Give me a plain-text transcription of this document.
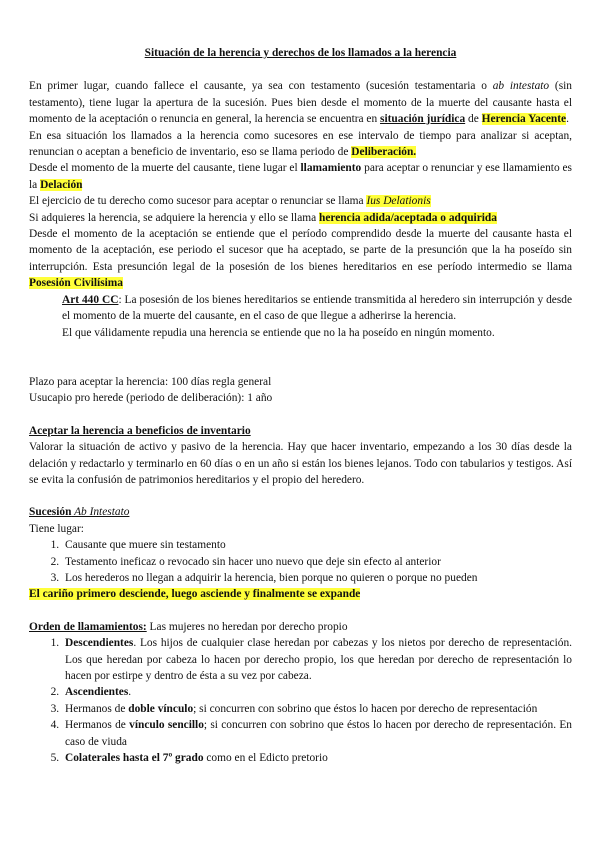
Situación de la herencia y derechos de los llamados a la herencia

En primer lugar, cuando fallece el causante, ya sea con testamento (sucesión testamentaria o ab intestato (sin testamento), tiene lugar la apertura de la sucesión. Pues bien desde el momento de la muerte del causante hasta el momento de la aceptación o renuncia en general, la herencia se encuentra en situación jurídica de Herencia Yacente.

En esa situación los llamados a la herencia como sucesores en ese intervalo de tiempo para analizar si aceptan, renuncian o aceptan a beneficio de inventario, eso se llama periodo de Deliberación.

Desde el momento de la muerte del causante, tiene lugar el llamamiento para aceptar o renunciar y ese llamamiento es la Delación

El ejercicio de tu derecho como sucesor para aceptar o renunciar se llama Ius Delationis

Si adquieres la herencia, se adquiere la herencia y ello se llama herencia adida/aceptada o adquirida

Desde el momento de la aceptación se entiende que el período comprendido desde la muerte del causante hasta el momento de la aceptación, ese periodo el sucesor que ha aceptado, se parte de la presunción que la ha poseído sin interrupción. Esta presunción legal de la posesión de los bienes hereditarios en ese período intermedio se llama Posesión Civilísima

Art 440 CC: La posesión de los bienes hereditarios se entiende transmitida al heredero sin interrupción y desde el momento de la muerte del causante, en el caso de que llegue a adherirse la herencia.

El que válidamente repudia una herencia se entiende que no la ha poseído en ningún momento.

Plazo para aceptar la herencia: 100 días regla general

Usucapio pro herede (periodo de deliberación): 1 año

Aceptar la herencia a beneficios de inventario

Valorar la situación de activo y pasivo de la herencia. Hay que hacer inventario, empezando a los 30 días desde la delación y redactarlo y terminarlo en 60 días o en un año si están los bienes lejanos. Todo con tabularios y testigos. Así se evita la confusión de patrimonios hereditarios y el propio del heredero.

Sucesión Ab Intestato

Tiene lugar:

1. Causante que muere sin testamento
2. Testamento ineficaz o revocado sin hacer uno nuevo que deje sin efecto al anterior
3. Los herederos no llegan a adquirir la herencia, bien porque no quieren o porque no pueden

El cariño primero desciende, luego asciende y finalmente se expande

Orden de llamamientos: Las mujeres no heredan por derecho propio

1. Descendientes. Los hijos de cualquier clase heredan por cabezas y los nietos por derecho de representación. Los que heredan por cabeza lo hacen por derecho propio, los que heredan por derecho de representación lo hacen por estirpe y dentro de ésta a su vez por cabeza.
2. Ascendientes.
3. Hermanos de doble vínculo; si concurren con sobrino que éstos lo hacen por derecho de representación
4. Hermanos de vínculo sencillo; si concurren con sobrino que éstos lo hacen por derecho de representación. En caso de viuda
5. Colaterales hasta el 7º grado como en el Edicto pretorio
